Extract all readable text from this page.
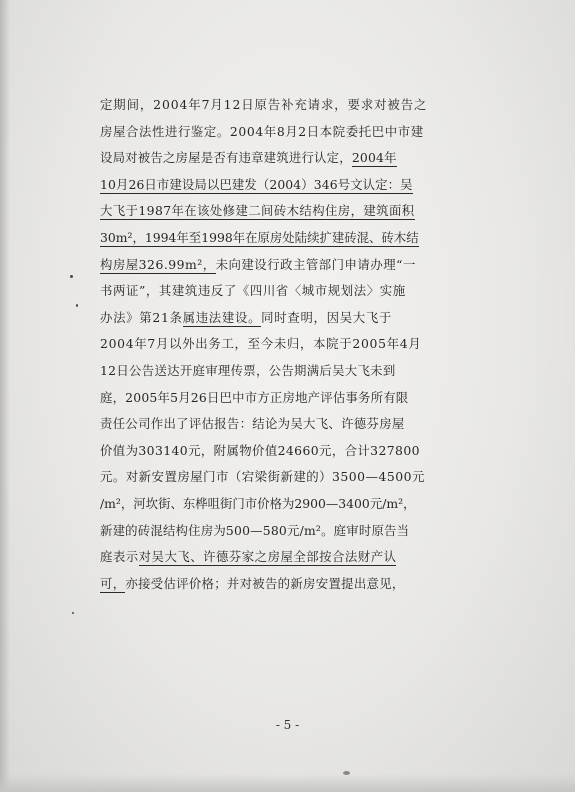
定期间，2004年7月12日原告补充请求，要求对被告之
房屋合法性进行鉴定。2004年8月2日本院委托巴中市建
设局对被告之房屋是否有违章建筑进行认定，2004年
10月26日市建设局以巴建发（2004）346号文认定：吴
大飞于1987年在该处修建二间砖木结构住房，建筑面积
30m²，1994年至1998年在原房处陆续扩建砖混、砖木结
构房屋326.99m²，未向建设行政主管部门申请办理“一
书两证”，其建筑违反了《四川省〈城市规划法〉实施
办法》第21条属违法建设。同时查明，因吴大飞于
2004年7月以外出务工，至今未归，本院于2005年4月
12日公告送达开庭审理传票，公告期满后吴大飞未到
庭，2005年5月26日巴中市方正房地产评估事务所有限
责任公司作出了评估报告：结论为吴大飞、许德芬房屋
价值为303140元，附属物价值24660元，合计327800
元。对新安置房屋门市（宕梁街新建的）3500—4500元
/m²，河坎街、东桦咀街门市价格为2900—3400元/m²，
新建的砖混结构住房为500—580元/m²。庭审时原告当
庭表示对吴大飞、许德芬家之房屋全部按合法财产认
可，亦接受估评价格；并对被告的新房安置提出意见，
- 5 -
